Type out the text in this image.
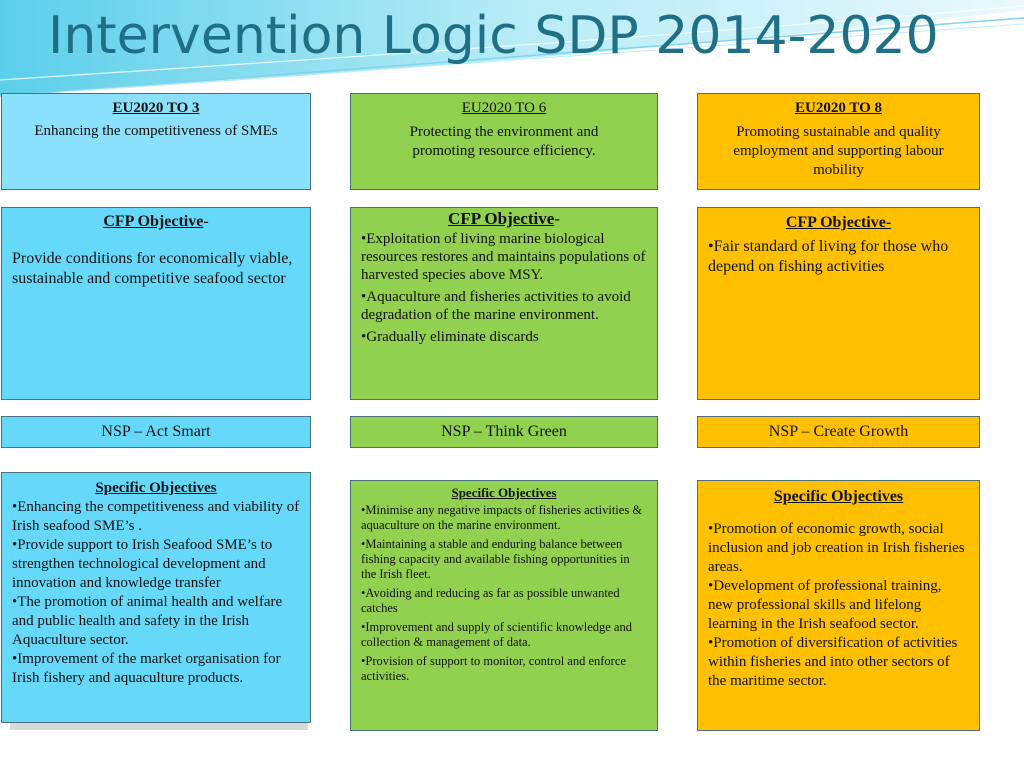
Intervention Logic SDP 2014-2020
EU2020 TO 3
Enhancing the competitiveness of SMEs
CFP Objective-
Provide conditions for economically viable, sustainable and competitive seafood sector
NSP – Act Smart
Specific Objectives
•Enhancing the competitiveness and viability of Irish seafood SME’s .
•Provide support to Irish Seafood SME’s to strengthen technological development and innovation and knowledge transfer
•The promotion of animal health and welfare and public health and safety in the Irish Aquaculture sector.
•Improvement of the market organisation for Irish fishery and aquaculture products.
EU2020 TO 6
Protecting the environment and promoting resource efficiency.
CFP Objective-
•Exploitation of living marine biological resources restores and maintains populations of harvested species above MSY.
•Aquaculture and fisheries activities to avoid degradation of the marine environment.
•Gradually eliminate discards
NSP – Think Green
Specific Objectives
•Minimise any negative impacts of fisheries activities & aquaculture on the marine environment.
•Maintaining a stable and enduring balance between fishing capacity and available fishing opportunities in the Irish fleet.
•Avoiding and reducing as far as possible unwanted catches
•Improvement and supply of scientific knowledge and collection & management of data.
•Provision of support to monitor, control and enforce activities.
EU2020 TO 8
Promoting sustainable and quality employment and supporting labour mobility
CFP Objective-
•Fair standard of living for those who depend on fishing activities
NSP – Create Growth
Specific Objectives
•Promotion of economic growth, social inclusion and job creation in Irish fisheries areas.
•Development of professional training, new professional skills and lifelong learning in the Irish seafood sector.
•Promotion of diversification of activities within fisheries and into other sectors of the maritime sector.
